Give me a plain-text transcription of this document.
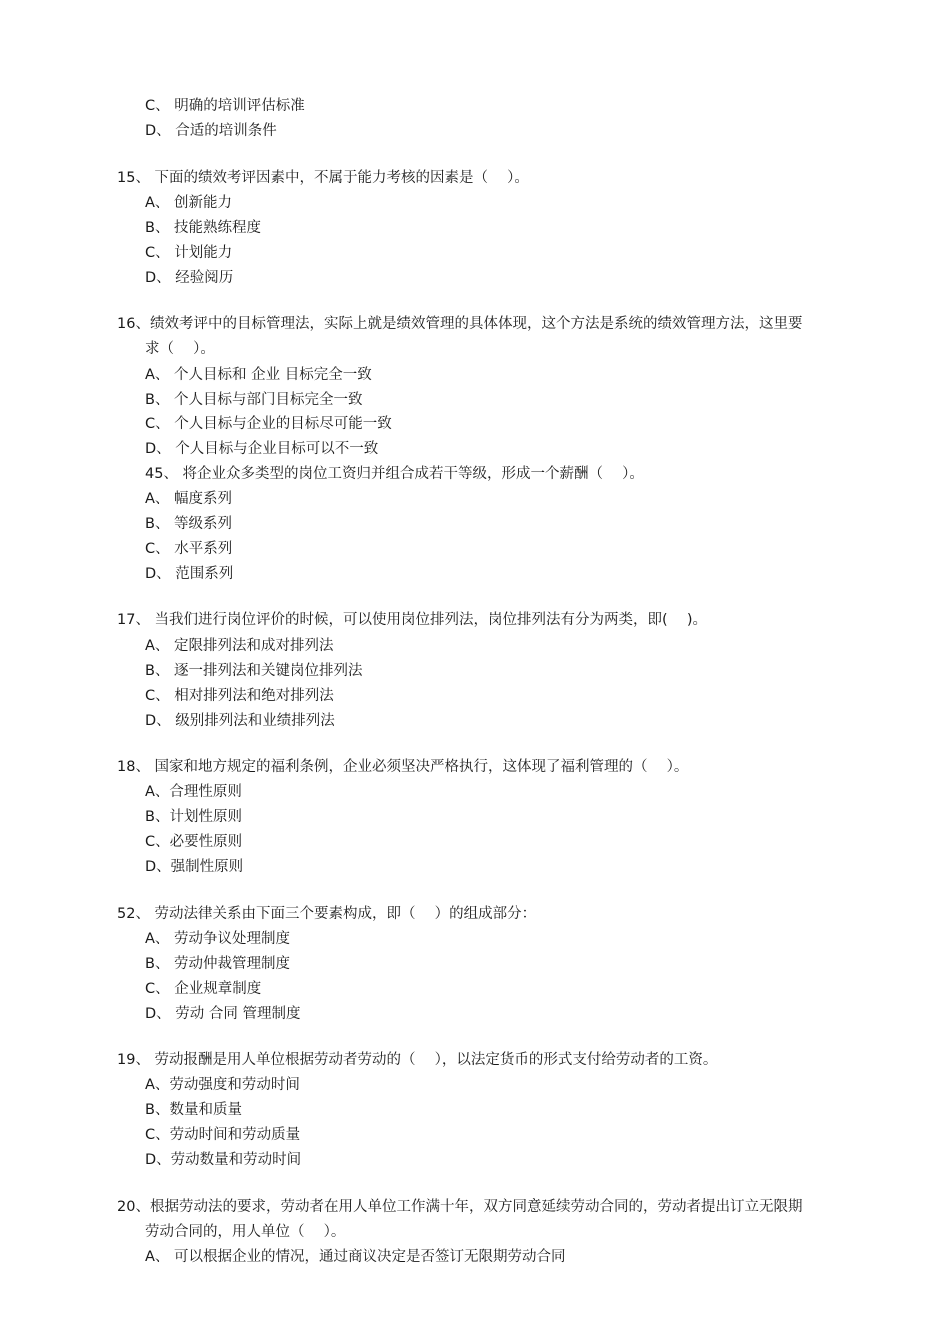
C、 明确的培训评估标准
D、 合适的培训条件
15、 下面的绩效考评因素中，不属于能力考核的因素是（　 ）。
A、 创新能力
B、 技能熟练程度
C、 计划能力
D、 经验阅历
16、绩效考评中的目标管理法，实际上就是绩效管理的具体体现，这个方法是系统的绩效管理方法，这里要
求（　 ）。
A、 个人目标和 企业 目标完全一致
B、 个人目标与部门目标完全一致
C、 个人目标与企业的目标尽可能一致
D、 个人目标与企业目标可以不一致
45、 将企业众多类型的岗位工资归并组合成若干等级，形成一个薪酬（　 ）。
A、 幅度系列
B、 等级系列
C、 水平系列
D、 范围系列
17、 当我们进行岗位评价的时候，可以使用岗位排列法，岗位排列法有分为两类，即(　 )。
A、 定限排列法和成对排列法
B、 逐一排列法和关键岗位排列法
C、 相对排列法和绝对排列法
D、 级别排列法和业绩排列法
18、 国家和地方规定的福利条例，企业必须坚决严格执行，这体现了福利管理的（　 ）。
A、合理性原则
B、计划性原则
C、必要性原则
D、强制性原则
52、 劳动法律关系由下面三个要素构成，即（　 ）的组成部分：
A、 劳动争议处理制度
B、 劳动仲裁管理制度
C、 企业规章制度
D、 劳动 合同 管理制度
19、 劳动报酬是用人单位根据劳动者劳动的（　 ），以法定货币的形式支付给劳动者的工资。
A、劳动强度和劳动时间
B、数量和质量
C、劳动时间和劳动质量
D、劳动数量和劳动时间
20、根据劳动法的要求，劳动者在用人单位工作满十年，双方同意延续劳动合同的，劳动者提出订立无限期
劳动合同的，用人单位（　 ）。
A、 可以根据企业的情况，通过商议决定是否签订无限期劳动合同
